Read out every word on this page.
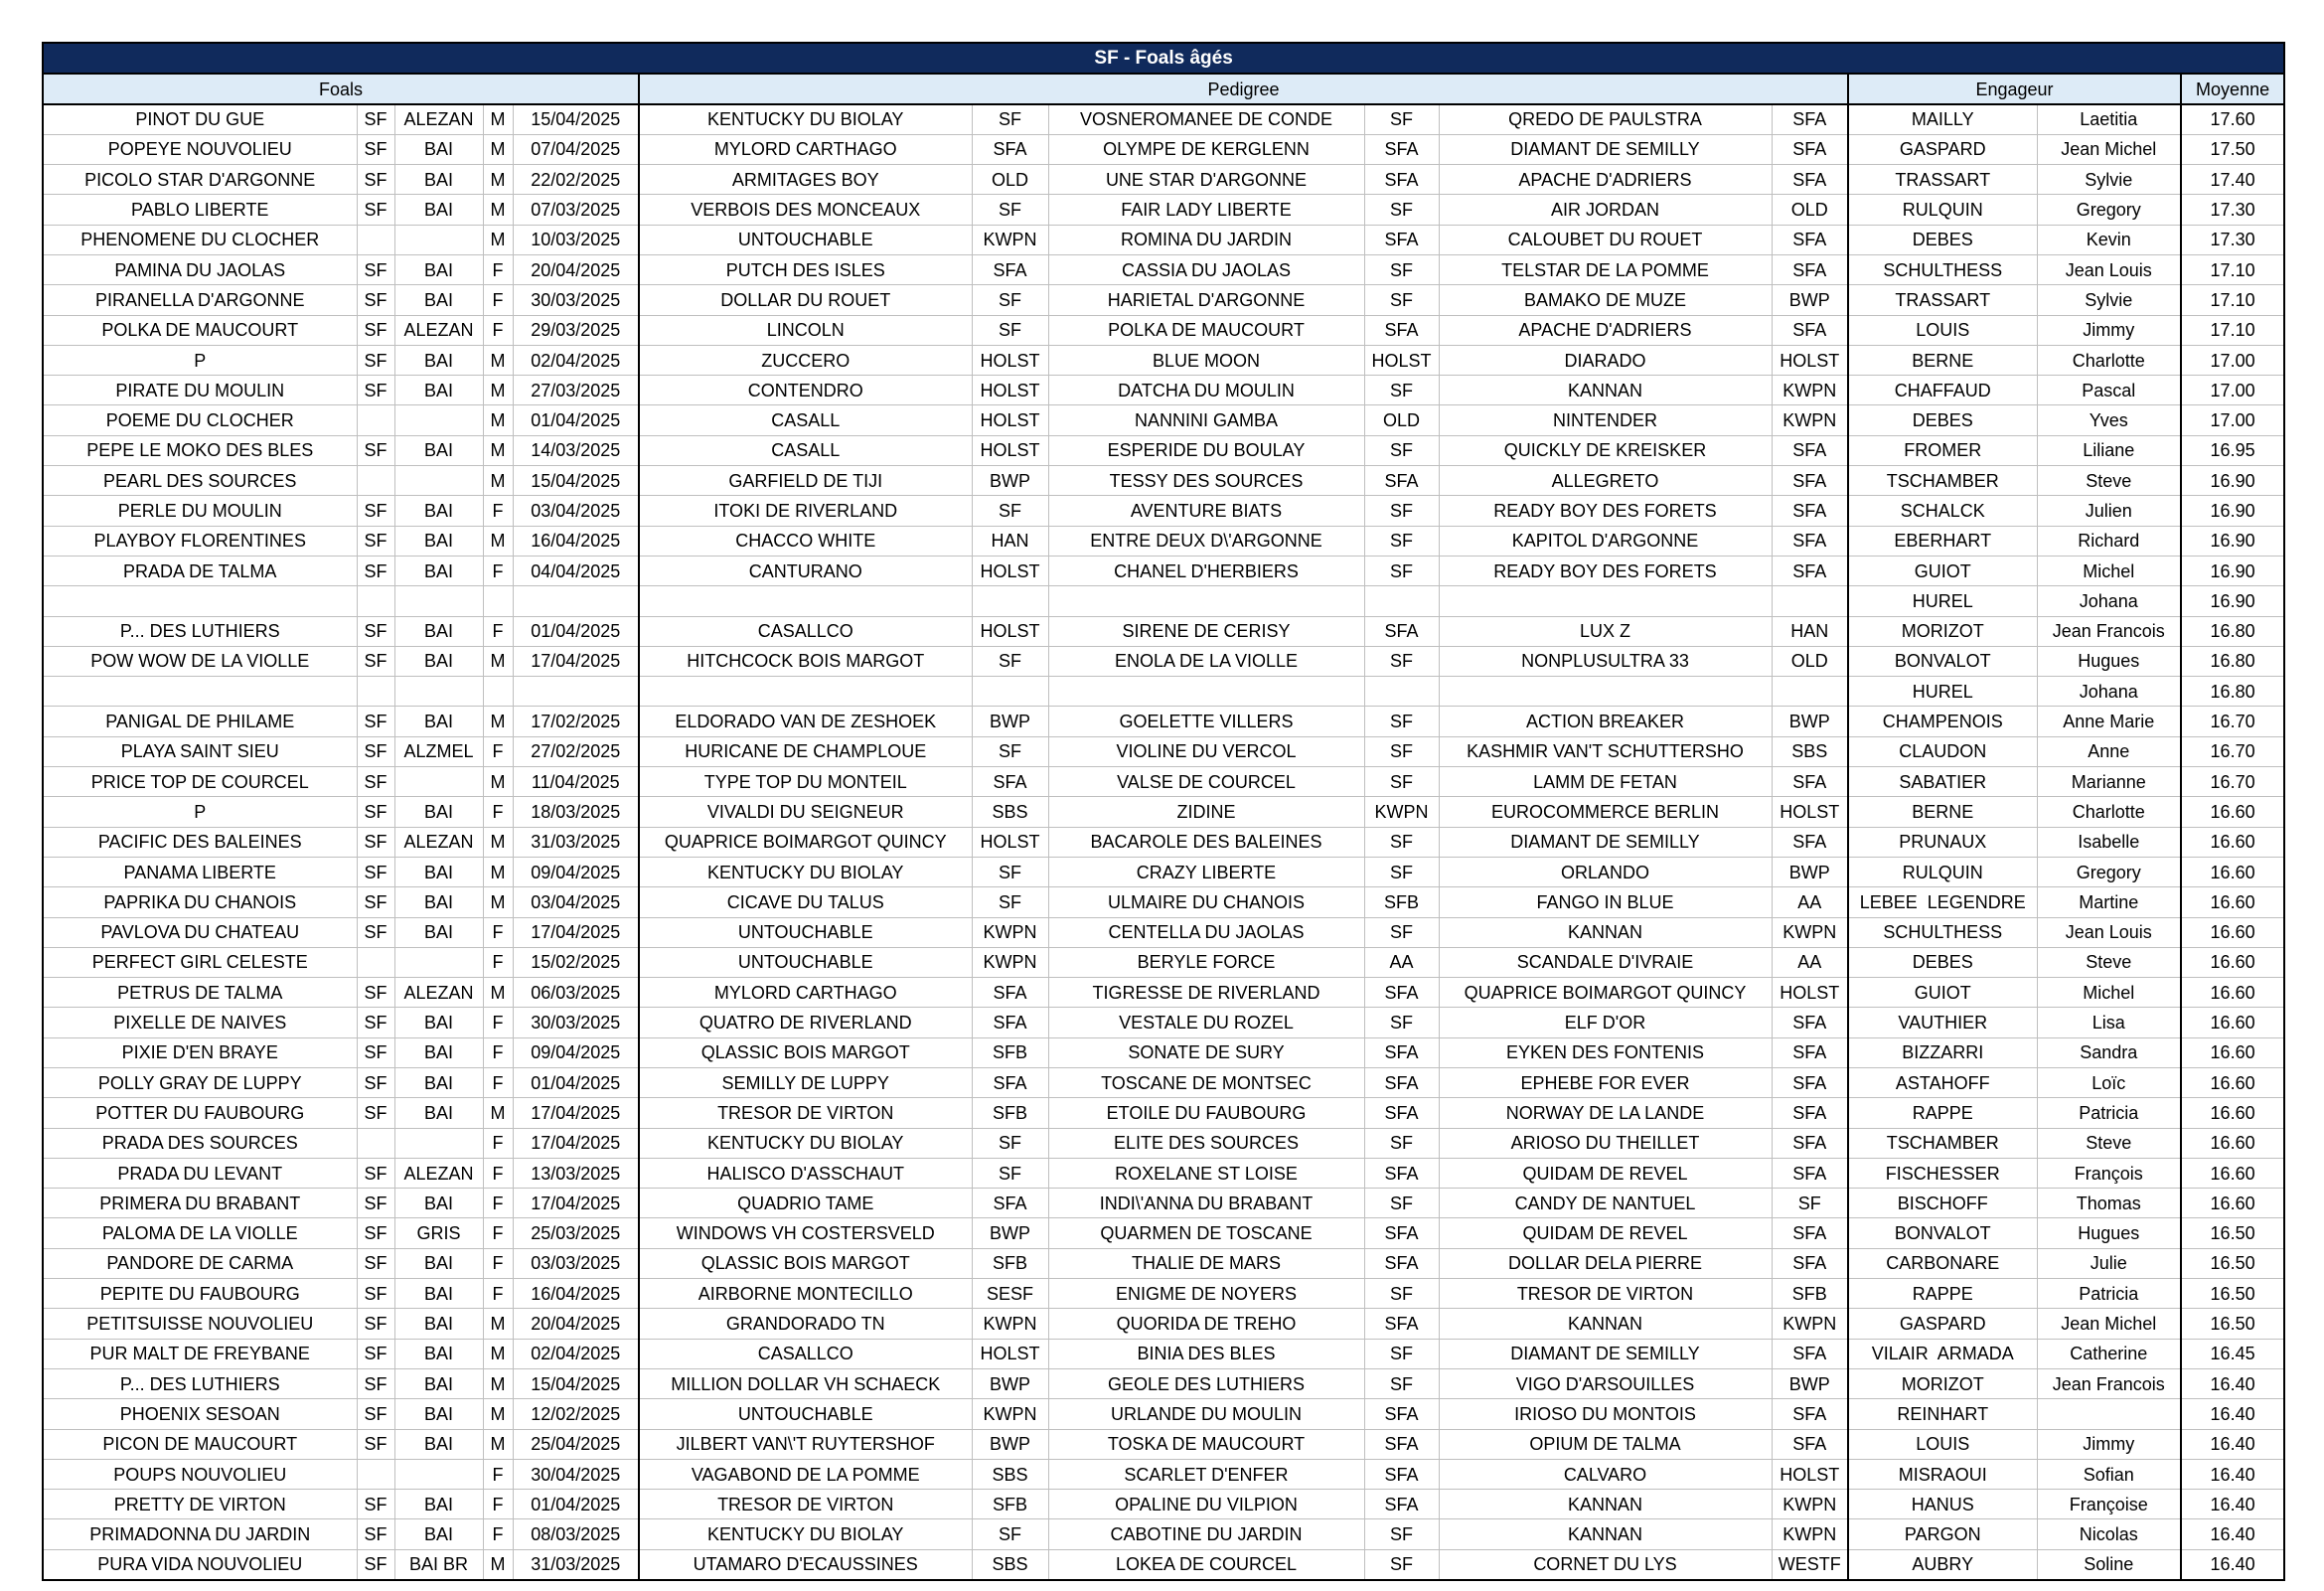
SF - Foals âgés													
Foals					Pedigree						Engageur		Moyenne
PINOT DU GUE	SF	ALEZAN	M	15/04/2025	KENTUCKY DU BIOLAY	SF	VOSNEROMANEE DE CONDE	SF	QREDO DE PAULSTRA	SFA	MAILLY	Laetitia	17.60
POPEYE NOUVOLIEU	SF	BAI	M	07/04/2025	MYLORD CARTHAGO	SFA	OLYMPE DE KERGLENN	SFA	DIAMANT DE SEMILLY	SFA	GASPARD	Jean Michel	17.50
PICOLO STAR D'ARGONNE	SF	BAI	M	22/02/2025	ARMITAGES BOY	OLD	UNE STAR D'ARGONNE	SFA	APACHE D'ADRIERS	SFA	TRASSART	Sylvie	17.40
PABLO LIBERTE	SF	BAI	M	07/03/2025	VERBOIS DES MONCEAUX	SF	FAIR LADY LIBERTE	SF	AIR JORDAN	OLD	RULQUIN	Gregory	17.30
PHENOMENE DU CLOCHER			M	10/03/2025	UNTOUCHABLE	KWPN	ROMINA DU JARDIN	SFA	CALOUBET DU ROUET	SFA	DEBES	Kevin	17.30
PAMINA DU JAOLAS	SF	BAI	F	20/04/2025	PUTCH DES ISLES	SFA	CASSIA DU JAOLAS	SF	TELSTAR DE LA POMME	SFA	SCHULTHESS	Jean Louis	17.10
PIRANELLA D'ARGONNE	SF	BAI	F	30/03/2025	DOLLAR DU ROUET	SF	HARIETAL D'ARGONNE	SF	BAMAKO DE MUZE	BWP	TRASSART	Sylvie	17.10
POLKA DE MAUCOURT	SF	ALEZAN	F	29/03/2025	LINCOLN	SF	POLKA DE MAUCOURT	SFA	APACHE D'ADRIERS	SFA	LOUIS	Jimmy	17.10
P	SF	BAI	M	02/04/2025	ZUCCERO	HOLST	BLUE MOON	HOLST	DIARADO	HOLST	BERNE	Charlotte	17.00
PIRATE DU MOULIN	SF	BAI	M	27/03/2025	CONTENDRO	HOLST	DATCHA DU MOULIN	SF	KANNAN	KWPN	CHAFFAUD	Pascal	17.00
POEME DU CLOCHER			M	01/04/2025	CASALL	HOLST	NANNINI GAMBA	OLD	NINTENDER	KWPN	DEBES	Yves	17.00
PEPE LE MOKO DES BLES	SF	BAI	M	14/03/2025	CASALL	HOLST	ESPERIDE DU BOULAY	SF	QUICKLY DE KREISKER	SFA	FROMER	Liliane	16.95
PEARL DES SOURCES			M	15/04/2025	GARFIELD DE TIJI	BWP	TESSY DES SOURCES	SFA	ALLEGRETO	SFA	TSCHAMBER	Steve	16.90
PERLE DU MOULIN	SF	BAI	F	03/04/2025	ITOKI DE RIVERLAND	SF	AVENTURE BIATS	SF	READY BOY DES FORETS	SFA	SCHALCK	Julien	16.90
PLAYBOY FLORENTINES	SF	BAI	M	16/04/2025	CHACCO WHITE	HAN	ENTRE DEUX D\'ARGONNE	SF	KAPITOL D'ARGONNE	SFA	EBERHART	Richard	16.90
PRADA DE TALMA	SF	BAI	F	04/04/2025	CANTURANO	HOLST	CHANEL D'HERBIERS	SF	READY BOY DES FORETS	SFA	GUIOT	Michel	16.90
											HUREL	Johana	16.90
P... DES LUTHIERS	SF	BAI	F	01/04/2025	CASALLCO	HOLST	SIRENE DE CERISY	SFA	LUX Z	HAN	MORIZOT	Jean Francois	16.80
POW WOW DE LA VIOLLE	SF	BAI	M	17/04/2025	HITCHCOCK BOIS MARGOT	SF	ENOLA DE LA VIOLLE	SF	NONPLUSULTRA 33	OLD	BONVALOT	Hugues	16.80
											HUREL	Johana	16.80
PANIGAL DE PHILAME	SF	BAI	M	17/02/2025	ELDORADO VAN DE ZESHOEK	BWP	GOELETTE VILLERS	SF	ACTION BREAKER	BWP	CHAMPENOIS	Anne Marie	16.70
PLAYA SAINT SIEU	SF	ALZMEL	F	27/02/2025	HURICANE DE CHAMPLOUE	SF	VIOLINE DU VERCOL	SF	KASHMIR VAN'T SCHUTTERSHO	SBS	CLAUDON	Anne	16.70
PRICE TOP DE COURCEL	SF		M	11/04/2025	TYPE TOP DU MONTEIL	SFA	VALSE DE COURCEL	SF	LAMM DE FETAN	SFA	SABATIER	Marianne	16.70
P	SF	BAI	F	18/03/2025	VIVALDI DU SEIGNEUR	SBS	ZIDINE	KWPN	EUROCOMMERCE BERLIN	HOLST	BERNE	Charlotte	16.60
PACIFIC DES BALEINES	SF	ALEZAN	M	31/03/2025	QUAPRICE BOIMARGOT QUINCY	HOLST	BACAROLE DES BALEINES	SF	DIAMANT DE SEMILLY	SFA	PRUNAUX	Isabelle	16.60
PANAMA LIBERTE	SF	BAI	M	09/04/2025	KENTUCKY DU BIOLAY	SF	CRAZY LIBERTE	SF	ORLANDO	BWP	RULQUIN	Gregory	16.60
PAPRIKA DU CHANOIS	SF	BAI	M	03/04/2025	CICAVE DU TALUS	SF	ULMAIRE DU CHANOIS	SFB	FANGO IN BLUE	AA	LEBEE  LEGENDRE	Martine	16.60
PAVLOVA DU CHATEAU	SF	BAI	F	17/04/2025	UNTOUCHABLE	KWPN	CENTELLA DU JAOLAS	SF	KANNAN	KWPN	SCHULTHESS	Jean Louis	16.60
PERFECT GIRL CELESTE			F	15/02/2025	UNTOUCHABLE	KWPN	BERYLE FORCE	AA	SCANDALE D'IVRAIE	AA	DEBES	Steve	16.60
PETRUS DE TALMA	SF	ALEZAN	M	06/03/2025	MYLORD CARTHAGO	SFA	TIGRESSE DE RIVERLAND	SFA	QUAPRICE BOIMARGOT QUINCY	HOLST	GUIOT	Michel	16.60
PIXELLE DE NAIVES	SF	BAI	F	30/03/2025	QUATRO DE RIVERLAND	SFA	VESTALE DU ROZEL	SF	ELF D'OR	SFA	VAUTHIER	Lisa	16.60
PIXIE D'EN BRAYE	SF	BAI	F	09/04/2025	QLASSIC BOIS MARGOT	SFB	SONATE DE SURY	SFA	EYKEN DES FONTENIS	SFA	BIZZARRI	Sandra	16.60
POLLY GRAY DE LUPPY	SF	BAI	F	01/04/2025	SEMILLY DE LUPPY	SFA	TOSCANE DE MONTSEC	SFA	EPHEBE FOR EVER	SFA	ASTAHOFF	Loïc	16.60
POTTER DU FAUBOURG	SF	BAI	M	17/04/2025	TRESOR DE VIRTON	SFB	ETOILE DU FAUBOURG	SFA	NORWAY DE LA LANDE	SFA	RAPPE	Patricia	16.60
PRADA DES SOURCES			F	17/04/2025	KENTUCKY DU BIOLAY	SF	ELITE DES SOURCES	SF	ARIOSO DU THEILLET	SFA	TSCHAMBER	Steve	16.60
PRADA DU LEVANT	SF	ALEZAN	F	13/03/2025	HALISCO D'ASSCHAUT	SF	ROXELANE ST LOISE	SFA	QUIDAM DE REVEL	SFA	FISCHESSER	François	16.60
PRIMERA DU BRABANT	SF	BAI	F	17/04/2025	QUADRIO TAME	SFA	INDI\'ANNA DU BRABANT	SF	CANDY DE NANTUEL	SF	BISCHOFF	Thomas	16.60
PALOMA DE LA VIOLLE	SF	GRIS	F	25/03/2025	WINDOWS VH COSTERSVELD	BWP	QUARMEN DE TOSCANE	SFA	QUIDAM DE REVEL	SFA	BONVALOT	Hugues	16.50
PANDORE DE CARMA	SF	BAI	F	03/03/2025	QLASSIC BOIS MARGOT	SFB	THALIE DE MARS	SFA	DOLLAR DELA PIERRE	SFA	CARBONARE	Julie	16.50
PEPITE DU FAUBOURG	SF	BAI	F	16/04/2025	AIRBORNE MONTECILLO	SESF	ENIGME DE NOYERS	SF	TRESOR DE VIRTON	SFB	RAPPE	Patricia	16.50
PETITSUISSE NOUVOLIEU	SF	BAI	M	20/04/2025	GRANDORADO TN	KWPN	QUORIDA DE TREHO	SFA	KANNAN	KWPN	GASPARD	Jean Michel	16.50
PUR MALT DE FREYBANE	SF	BAI	M	02/04/2025	CASALLCO	HOLST	BINIA DES BLES	SF	DIAMANT DE SEMILLY	SFA	VILAIR  ARMADA	Catherine	16.45
P... DES LUTHIERS	SF	BAI	M	15/04/2025	MILLION DOLLAR VH SCHAECK	BWP	GEOLE DES LUTHIERS	SF	VIGO D'ARSOUILLES	BWP	MORIZOT	Jean Francois	16.40
PHOENIX SESOAN	SF	BAI	M	12/02/2025	UNTOUCHABLE	KWPN	URLANDE DU MOULIN	SFA	IRIOSO DU MONTOIS	SFA	REINHART		16.40
PICON DE MAUCOURT	SF	BAI	M	25/04/2025	JILBERT VAN\'T RUYTERSHOF	BWP	TOSKA DE MAUCOURT	SFA	OPIUM DE TALMA	SFA	LOUIS	Jimmy	16.40
POUPS NOUVOLIEU			F	30/04/2025	VAGABOND DE LA POMME	SBS	SCARLET D'ENFER	SFA	CALVARO	HOLST	MISRAOUI	Sofian	16.40
PRETTY DE VIRTON	SF	BAI	F	01/04/2025	TRESOR DE VIRTON	SFB	OPALINE DU VILPION	SFA	KANNAN	KWPN	HANUS	Françoise	16.40
PRIMADONNA DU JARDIN	SF	BAI	F	08/03/2025	KENTUCKY DU BIOLAY	SF	CABOTINE DU JARDIN	SF	KANNAN	KWPN	PARGON	Nicolas	16.40
PURA VIDA NOUVOLIEU	SF	BAI BR	M	31/03/2025	UTAMARO D'ECAUSSINES	SBS	LOKEA DE COURCEL	SF	CORNET DU LYS	WESTF	AUBRY	Soline	16.40
